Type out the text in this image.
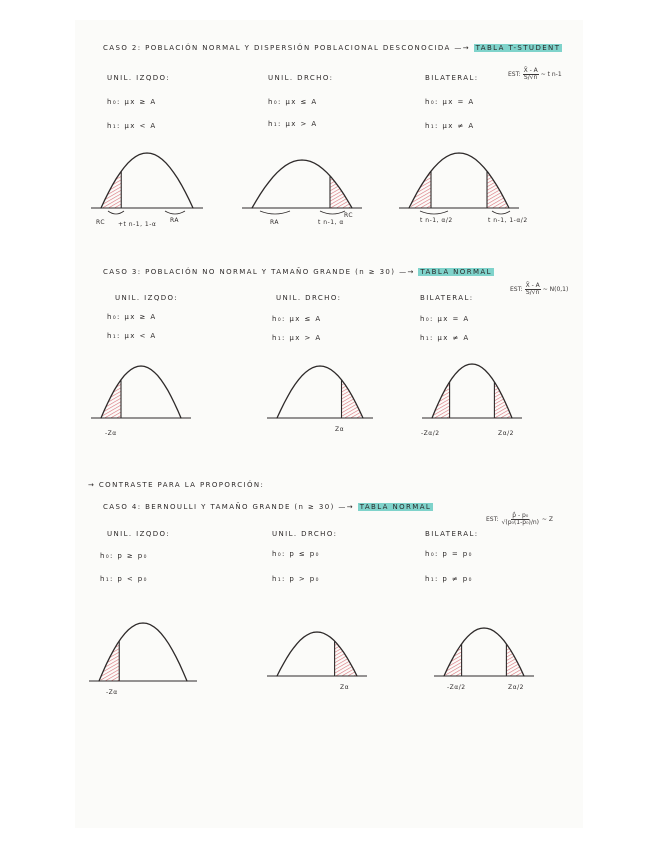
CASO 2: POBLACIÓN NORMAL Y DISPERSIÓN POBLACIONAL DESCONOCIDA —→ TABLA T-STUDENT
EST: $\frac{X̄ - A}{S/√n}$ ~ t n-1
UNIL. IZQDO:	UNIL. DRCHO:	BILATERAL:
h₀: μx ≥ A	h₀: μx ≤ A	h₀: μx = A
h₁: μx < A	h₁: μx > A	h₁: μx ≠ A
RC +t n-1, 1-α
RA	RA	t n-1, α
RC
t n-1, α/2	t n-1, 1-α/2
CASO 3: POBLACIÓN NO NORMAL Y TAMAÑO GRANDE (n ≥ 30) —→ TABLA NORMAL
EST: $\frac{X̄ - A}{S/√n}$ ~ N(0,1)
UNIL. IZQDO:	UNIL. DRCHO:	BILATERAL:
h₀: μx ≥ A	h₀: μx ≤ A	h₀: μx = A
h₁: μx < A	h₁: μx > A	h₁: μx ≠ A
-Zα
Zα
-Zα/2	Zα/2
→ CONTRASTE PARA LA PROPORCIÓN:
CASO 4: BERNOULLI Y TAMAÑO GRANDE (n ≥ 30) —→ TABLA NORMAL
EST: $\frac{\text{p̂ - p₀}}{\text{√(p₀(1-p₀)/n)}}$ ~ Z
UNIL. IZQDO:	UNIL. DRCHO:	BILATERAL:
h₀: p ≥ p₀	h₀: p ≤ p₀	h₀: p = p₀
h₁: p < p₀	h₁: p > p₀	h₁: p ≠ p₀
-Zα
Zα	-Zα/2	Zα/2
